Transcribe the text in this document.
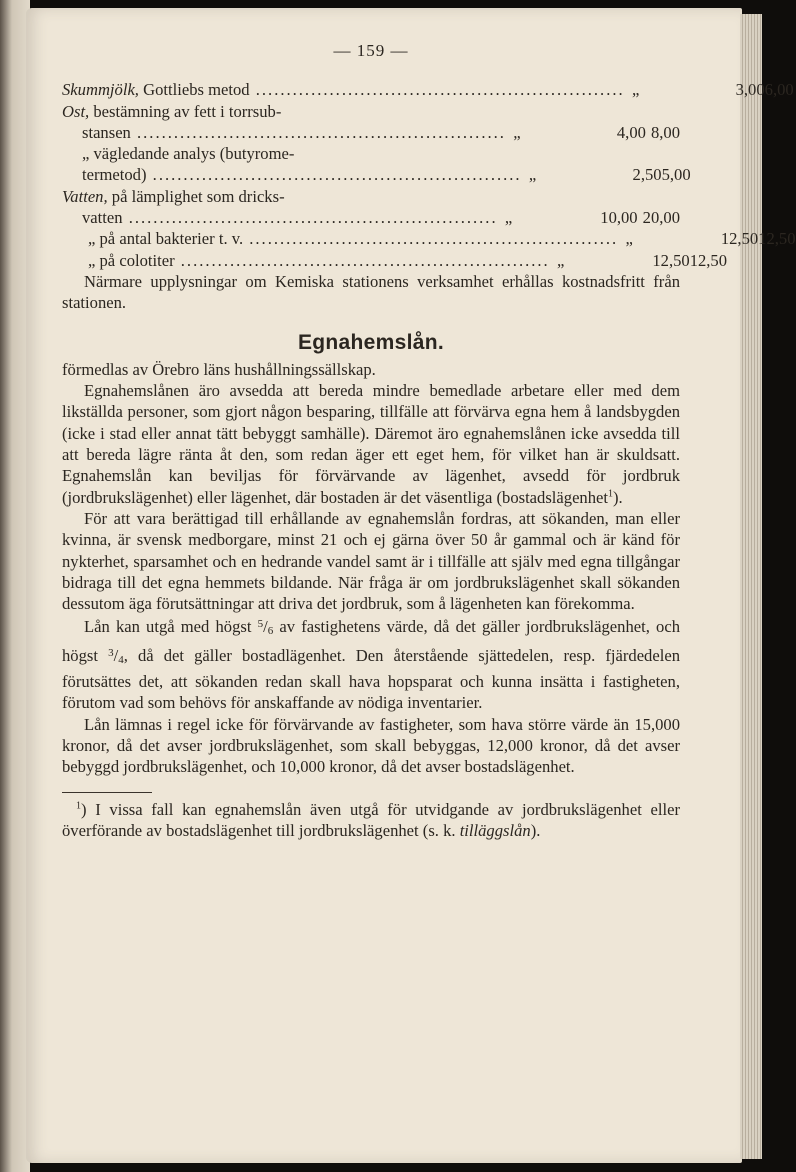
— 159 —
Skummjölk, Gottliebs metod ............................................................ „	3,00 6,00
Ost, bestämning av fett i torrsub-
stansen ............................................................ „	4,00 8,00
„ vägledande analys (butyrome-
termetod) ............................................................ „	2,50 5,00
Vatten, på lämplighet som dricks-
vatten ............................................................ „	10,00 20,00
„ på antal bakterier t. v. ............................................................ „	12,50 12,50
„ på colotiter ............................................................ „	12,50 12,50

Närmare upplysningar om Kemiska stationens verksamhet erhållas kostnadsfritt från stationen.

Egnahemslån.

förmedlas av Örebro läns hushållningssällskap.

Egnahemslånen äro avsedda att bereda mindre bemedlade arbetare eller med dem likställda personer, som gjort någon besparing, tillfälle att förvärva egna hem å landsbygden (icke i stad eller annat tätt bebyggt samhälle). Däremot äro egnahemslånen icke avsedda till att bereda lägre ränta åt den, som redan äger ett eget hem, för vilket han är skuldsatt. Egnahemslån kan beviljas för förvärvande av lägenhet, avsedd för jordbruk (jordbrukslägenhet) eller lägenhet, där bostaden är det väsentliga (bostadslägenhet$^1$).

För att vara berättigad till erhållande av egnahemslån fordras, att sökanden, man eller kvinna, är svensk medborgare, minst 21 och ej gärna över 50 år gammal och är känd för nykterhet, sparsamhet och en hedrande vandel samt är i tillfälle att själv med egna tillgångar bidraga till det egna hemmets bildande. När fråga är om jordbrukslägenhet skall sökanden dessutom äga förutsättningar att driva det jordbruk, som å lägenheten kan förekomma.

Lån kan utgå med högst $^5$/6 av fastighetens värde, då det gäller jordbrukslägenhet, och högst $^3$/4, då det gäller bostadlägenhet. Den återstående sjättedelen, resp. fjärdedelen förutsättes det, att sökanden redan skall hava hopsparat och kunna insätta i fastigheten, förutom vad som behövs för anskaffande av nödiga inventarier.

Lån lämnas i regel icke för förvärvande av fastigheter, som hava större värde än 15,000 kronor, då det avser jordbrukslägenhet, som skall bebyggas, 12,000 kronor, då det avser bebyggd jordbrukslägenhet, och 10,000 kronor, då det avser bostadslägenhet.

$^1$) I vissa fall kan egnahemslån även utgå för utvidgande av jordbrukslägenhet eller överförande av bostadslägenhet till jordbrukslägenhet (s. k. tilläggslån).
